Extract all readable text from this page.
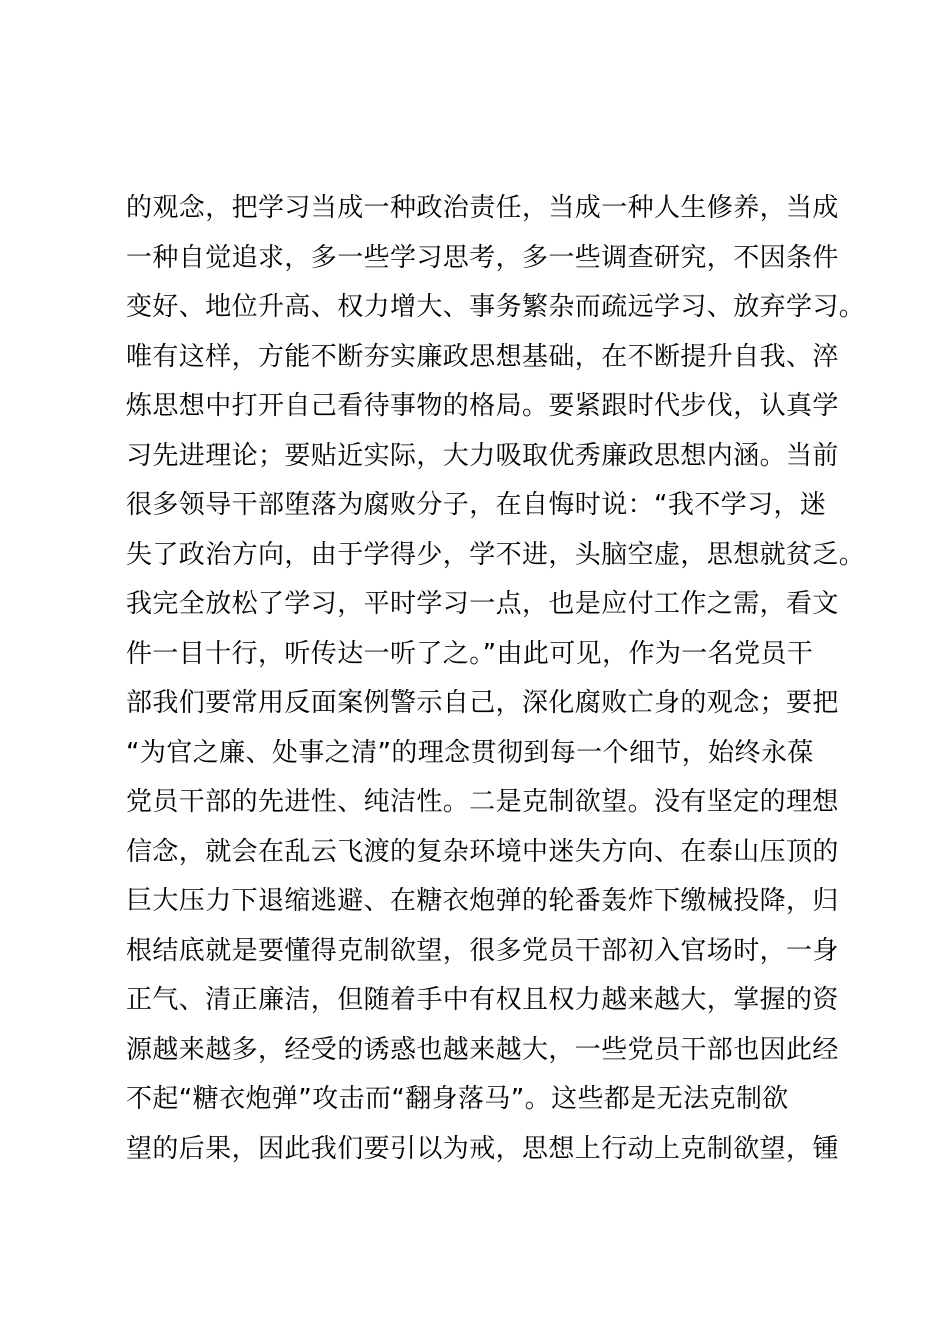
的观念，把学习当成一种政治责任，当成一种人生修养，当成
一种自觉追求，多一些学习思考，多一些调查研究，不因条件
变好、地位升高、权力增大、事务繁杂而疏远学习、放弃学习。
唯有这样，方能不断夯实廉政思想基础，在不断提升自我、淬
炼思想中打开自己看待事物的格局。要紧跟时代步伐，认真学
习先进理论；要贴近实际，大力吸取优秀廉政思想内涵。当前
很多领导干部堕落为腐败分子，在自悔时说：“我不学习，迷
失了政治方向，由于学得少，学不进，头脑空虚，思想就贫乏。
我完全放松了学习，平时学习一点，也是应付工作之需，看文
件一目十行，听传达一听了之。”由此可见，作为一名党员干
部我们要常用反面案例警示自己，深化腐败亡身的观念；要把
“为官之廉、处事之清”的理念贯彻到每一个细节，始终永葆
党员干部的先进性、纯洁性。二是克制欲望。没有坚定的理想
信念，就会在乱云飞渡的复杂环境中迷失方向、在泰山压顶的
巨大压力下退缩逃避、在糖衣炮弹的轮番轰炸下缴械投降，归
根结底就是要懂得克制欲望，很多党员干部初入官场时，一身
正气、清正廉洁，但随着手中有权且权力越来越大，掌握的资
源越来越多，经受的诱惑也越来越大，一些党员干部也因此经
不起“糖衣炮弹”攻击而“翻身落马”。这些都是无法克制欲
望的后果，因此我们要引以为戒，思想上行动上克制欲望，锺
